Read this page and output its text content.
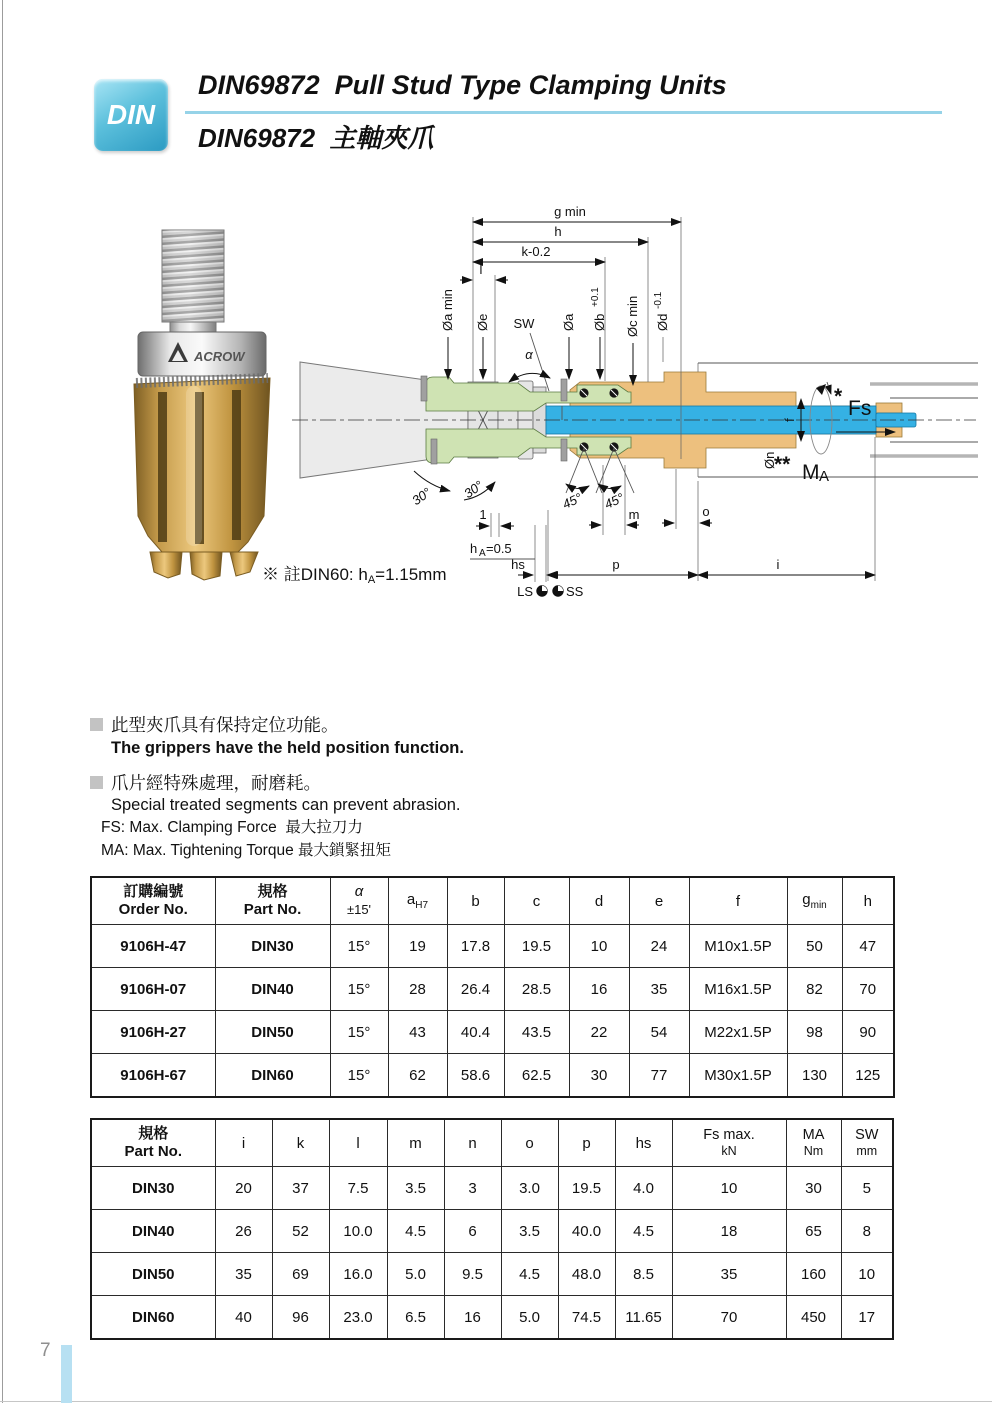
DIN
DIN69872  Pull Stud Type Clamping Units
DIN69872  主軸夾爪
ACROW
g min
h
k-0.2
l
Øa min Øe SW
α
Øa Øb
+0.1 Øc min Ød
-0.1
30° 30°	45° 45°
1	m	o
h A =0.5
hs	p	i
LS	SS
f
Øn
*
Fs
** M A
※ 註DIN60: hA=1.15mm
此型夾爪具有保持定位功能。
The grippers have the held position function.
爪片經特殊處理，耐磨耗。
Special treated segments can prevent abrasion.
FS: Max. Clamping Force  最大拉刀力
MA: Max. Tightening Torque 最大鎖緊扭矩
訂購編號
Order No.	規格
Part No.	α
±15'	$a_{H7}$	b	c	d	e	f	$g_{min}$	h
9106H-47	DIN30	15°	19	17.8	19.5	10	24	M10x1.5P	50	47
9106H-07	DIN40	15°	28	26.4	28.5	16	35	M16x1.5P	82	70
9106H-27	DIN50	15°	43	40.4	43.5	22	54	M22x1.5P	98	90
9106H-67	DIN60	15°	62	58.6	62.5	30	77	M30x1.5P	130	125
規格
Part No.	i	k	l	m	n	o	p	hs	Fs max.
kN	MA
Nm	SW
mm

DIN30	20	37	7.5	3.5	3	3.0	19.5	4.0	10	30	5
DIN40	26	52	10.0	4.5	6	3.5	40.0	4.5	18	65	8
DIN50	35	69	16.0	5.0	9.5	4.5	48.0	8.5	35	160	10
DIN60	40	96	23.0	6.5	16	5.0	74.5	11.65	70	450	17
7
